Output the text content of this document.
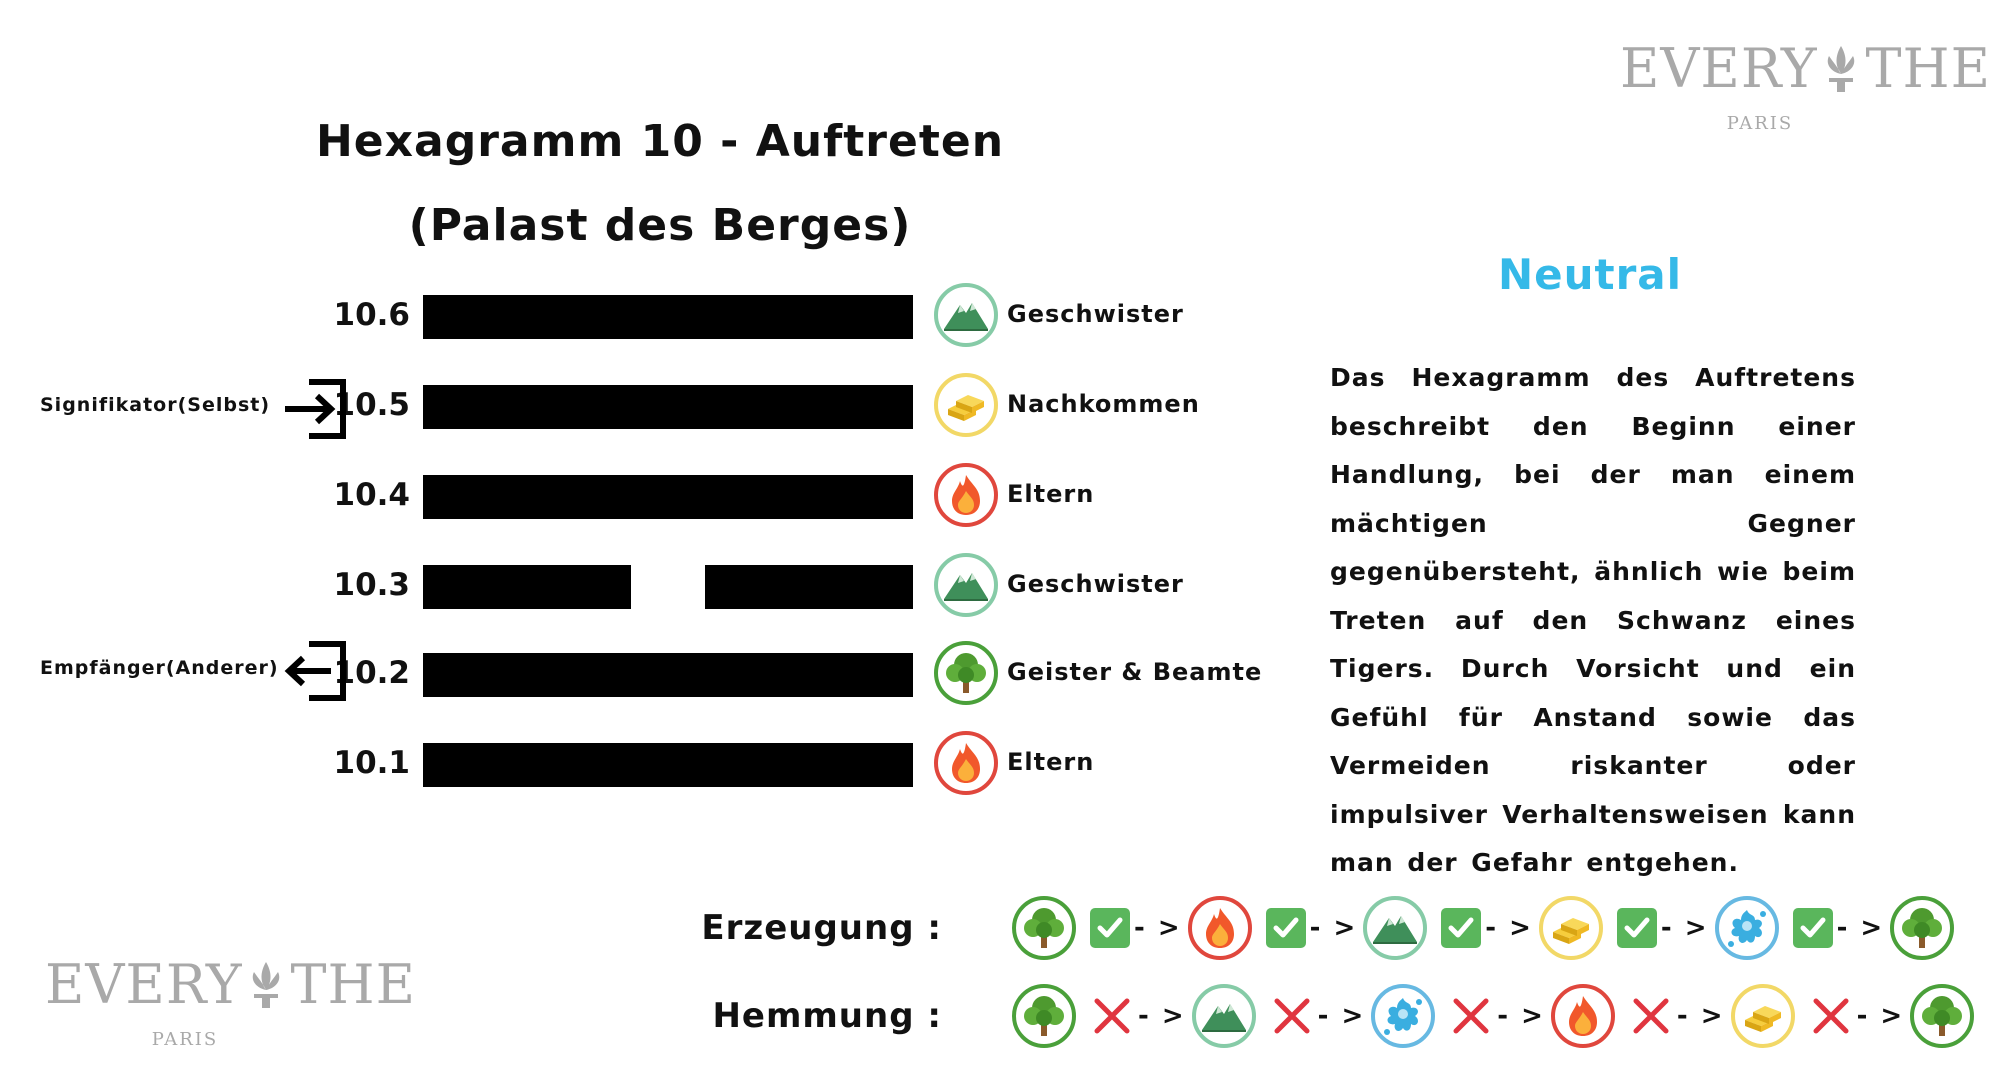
EVERY THE
PARIS
EVERY THE
PARIS
Hexagramm 10 - Auftreten
(Palast des Berges)
10.6	Geschwister
10.5	Nachkommen
10.4	Eltern
10.3	Geschwister
10.2	Geister & Beamte
10.1	Eltern
Signifikator(Selbst)
Empfänger(Anderer)
Neutral
Das Hexagramm des Auftretens beschreibt den Beginn einer Handlung, bei der man einem mächtigen Gegner gegenübersteht, ähnlich wie beim Treten auf den Schwanz eines Tigers. Durch Vorsicht und ein Gefühl für Anstand sowie das Vermeiden riskanter oder impulsiver Verhaltensweisen kann man der Gefahr entgehen.
Erzeugung :	- >	- >	- >	- >	- >
Hemmung :	- >	- >	- >	- >	- >
